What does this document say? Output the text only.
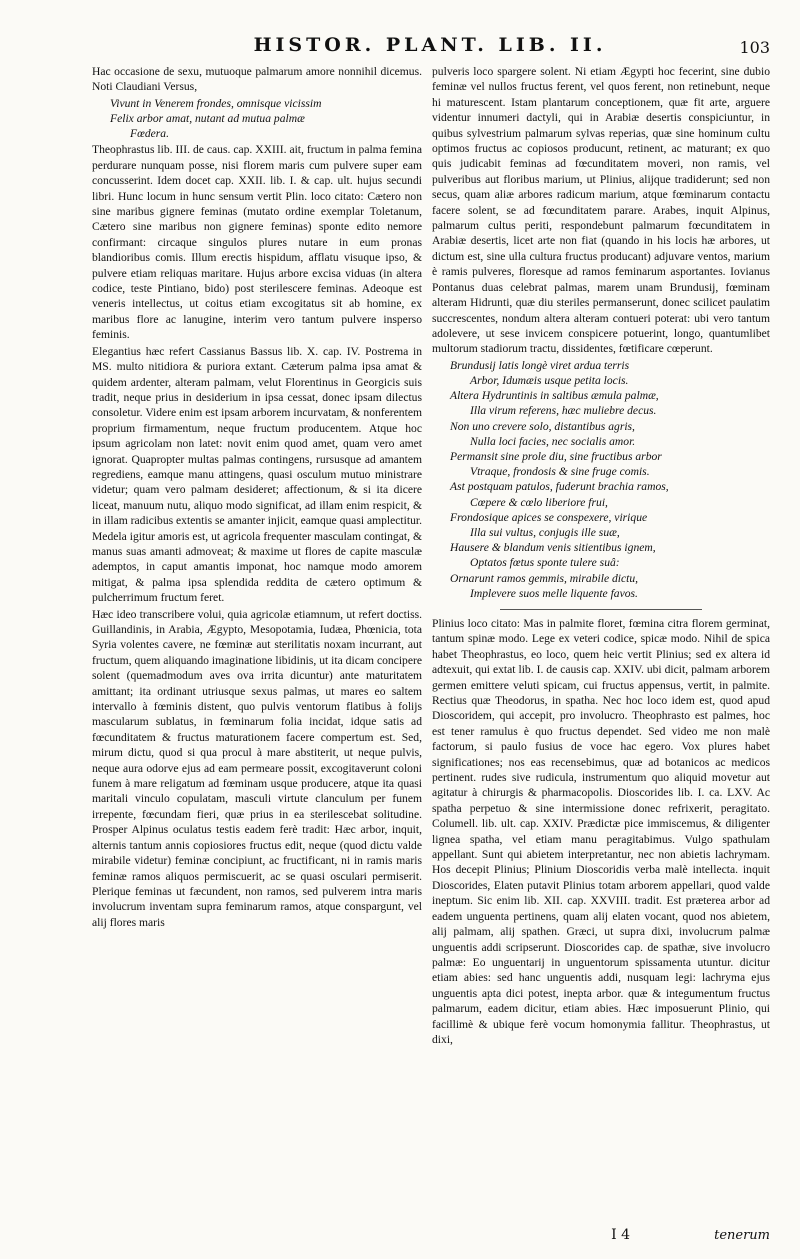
HISTOR. PLANT. LIB. II.	103

Hac occasione de sexu, mutuoque palmarum amore nonnihil dicemus. Noti Claudiani Versus,

Vivunt in Venerem frondes, omnisque vicissim
Felix arbor amat, nutant ad mutua palmæ
Fœdera.

Theophrastus lib. III. de caus. cap. XXIII. ait, fructum in palma femina perdurare nunquam posse, nisi florem maris cum pulvere super eam concusserint. Idem docet cap. XXII. lib. I. & cap. ult. hujus secundi libri. Hunc locum in hunc sensum vertit Plin. loco citato: Cætero non sine maribus gignere feminas (mutato ordine exemplar Toletanum, Cætero sine maribus non gignere feminas) sponte edito nemore confirmant: circaque singulos plures nutare in eum pronas blandioribus comis. Illum erectis hispidum, afflatu visuque ipso, & pulvere etiam reliquas maritare. Hujus arbore excisa viduas (in altera codice, teste Pintiano, bido) post sterilescere feminas. Adeoque est veneris intellectus, ut coitus etiam excogitatus sit ab homine, ex maribus flore ac lanugine, interim vero tantum pulvere insperso feminis.

Elegantius hæc refert Cassianus Bassus lib. X. cap. IV. Postrema in MS. multo nitidiora & puriora extant. Cæterum palma ipsa amat & quidem ardenter, alteram palmam, velut Florentinus in Georgicis suis tradit, neque prius in desiderium in ipsa cessat, donec ipsam dilectus consoletur. Videre enim est ipsam arborem incurvatam, & nonferentem proprium firmamentum, neque fructum producentem. Atque hoc ipsum agricolam non latet: novit enim quod amet, quam vero amet ignorat. Quapropter multas palmas contingens, rursusque ad amantem regrediens, eamque manu attingens, quasi osculum mutuo ministrare videtur; quam vero palmam desideret; affectionum, & si ita dicere liceat, manuum nutu, aliquo modo significat, ad illam enim respicit, & in illam radicibus extentis se amanter injicit, eamque quasi amplectitur. Medela igitur amoris est, ut agricola frequenter masculam contingat, & manus suas amanti admoveat; & maxime ut flores de capite masculæ ademptos, in caput amantis imponat, hoc namque modo amorem mitigat, & palma ipsa splendida reddita de cætero optimum & pulcherrimum fructum feret.

Hæc ideo transcribere volui, quia agricolæ etiamnum, ut refert doctiss. Guillandinis, in Arabia, Ægypto, Mesopotamia, Iudæa, Phœnicia, tota Syria volentes cavere, ne fœminæ aut sterilitatis noxam incurrant, aut fructum, quem aliquando imaginatione libidinis, ut ita dicam concipere solent (quemadmodum aves ova irrita dicuntur) ante maturitatem amittant; ita ordinant utriusque sexus palmas, ut mares eo saltem intervallo à fœminis distent, quo pulvis ventorum flatibus à folijs mascularum sublatus, in fœminarum folia incidat, idque satis ad fœcunditatem & fructus maturationem facere compertum est. Sed, mirum dictu, quod si qua procul à mare abstiterit, ut neque pulvis, neque aura odorve ejus ad eam permeare possit, excogitaverunt coloni funem à mare religatum ad fœminam usque producere, atque ita quasi maritali vinculo copulatam, masculi virtute clanculum per funem irrepente, fœcundam fieri, quæ prius in ea sterilescebat solitudine. Prosper Alpinus oculatus testis eadem ferè tradit: Hæc arbor, inquit, alternis tantum annis copiosiores fructus edit, neque (quod dictu valde mirabile videtur) feminæ concipiunt, ac fructificant, ni in ramis maris feminæ ramos aliquos permiscuerit, ac se quasi osculari permiserit. Plerique feminas ut fæcundent, non ramos, sed pulverem intra maris involucrum inventam supra feminarum ramos, atque conspargunt, vel alij flores maris

pulveris loco spargere solent. Ni etiam Ægypti hoc fecerint, sine dubio feminæ vel nullos fructus ferent, vel quos ferent, non retinebunt, neque hi maturescent. Istam plantarum conceptionem, quæ fit arte, arguere videntur innumeri dactyli, qui in Arabiæ desertis conspiciuntur, in quibus sylvestrium palmarum sylvas reperias, quæ sine hominum cultu optimos fructus ac copiosos producunt, retinent, ac maturant; ex quo quis judicabit feminas ad fœcunditatem moveri, non ramis, vel pulveribus aut floribus marium, ut Plinius, alijque tradiderunt; sed non secus, quam aliæ arbores radicum marium, atque fœminarum contactu facere solent, se ad fœcunditatem parare. Arabes, inquit Alpinus, palmarum cultus periti, respondebunt palmarum fœcunditatem in Arabiæ desertis, licet arte non fiat (quando in his locis hæ arbores, ut dictum est, sine ulla cultura fructus producant) adjuvare ventos, marium è ramis pulveres, floresque ad ramos feminarum asportantes. Iovianus Pontanus duas celebrat palmas, marem unam Brundusij, fœminam alteram Hidrunti, quæ diu steriles permanserunt, donec scilicet paulatim succrescentes, nondum altera alteram contueri poterat: ubi vero tantum adolevere, ut sese invicem conspicere potuerint, longo, quantumlibet multorum stadiorum tractu, dissidentes, fœtificare cœperunt.

Brundusij latis longè viret ardua terris
Arbor, Idumæis usque petita locis.
Altera Hydruntinis in saltibus æmula palmæ,
Illa virum referens, hæc muliebre decus.
Non uno crevere solo, distantibus agris,
Nulla loci facies, nec socialis amor.
Permansit sine prole diu, sine fructibus arbor
Vtraque, frondosis & sine fruge comis.
Ast postquam patulos, fuderunt brachia ramos,
Cœpere & cœlo liberiore frui,
Frondosique apices se conspexere, virique
Illa sui vultus, conjugis ille suæ,
Hausere & blandum venis sitientibus ignem,
Optatos fœtus sponte tulere suâ:
Ornarunt ramos gemmis, mirabile dictu,
Implevere suos melle liquente favos.

Plinius loco citato: Mas in palmite floret, fœmina citra florem germinat, tantum spinæ modo. Lege ex veteri codice, spicæ modo. Nihil de spica habet Theophrastus, eo loco, quem heic vertit Plinius; sed ex altera id adtexuit, qui extat lib. I. de causis cap. XXIV. ubi dicit, palmam arborem germen emittere veluti spicam, cui fructus appensus, vertit, in palmite. Rectius quæ Theodorus, in spatha. Nec hoc loco idem est, quod apud Dioscoridem, qui accepit, pro involucro. Theophrasto est palmes, hoc est tener ramulus è quo fructus dependet. Sed video me non malè factorum, si paulo fusius de voce hac egero. Vox plures habet significationes; nos eas recensebimus, quæ ad botanicos ac medicos pertinent. rudes sive rudicula, instrumentum quo aliquid movetur aut agitatur à chirurgis & pharmacopolis. Dioscorides lib. I. ca. LXV. Ac spatha perpetuo & sine intermissione donec refrixerit, peragitato. Columell. lib. ult. cap. XXIV. Prædictæ pice immiscemus, & diligenter lignea spatha, vel etiam manu peragitabimus. Vulgo spathulam appellant. Sunt qui abietem interpretantur, nec non abietis lachrymam. Hos decepit Plinius; Plinium Dioscoridis verba malè intellecta. inquit Dioscorides, Elaten putavit Plinius totam arborem appellari, quod valde ineptum. Sic enim lib. XII. cap. XXVIII. tradit. Est præterea arbor ad eadem unguenta pertinens, quam alij elaten vocant, quod nos abietem, alij palmam, alij spathen. Græci, ut supra dixi, involucrum palmæ unguentis addi scripserunt. Dioscorides cap. de spathæ, sive involucro palmæ: Eo unguentarij in unguentorum spissamenta utuntur. dicitur etiam abies: sed hanc unguentis addi, nusquam legi: lachryma ejus unguentis apta dici potest, inepta arbor. quæ & integumentum fructus palmarum, eadem dicitur, etiam abies. Hæc imposuerunt Plinio, qui facillimè & ubique ferè vocum homonymia fallitur. Theophrastus, ut dixi,

I 4	tenerum
